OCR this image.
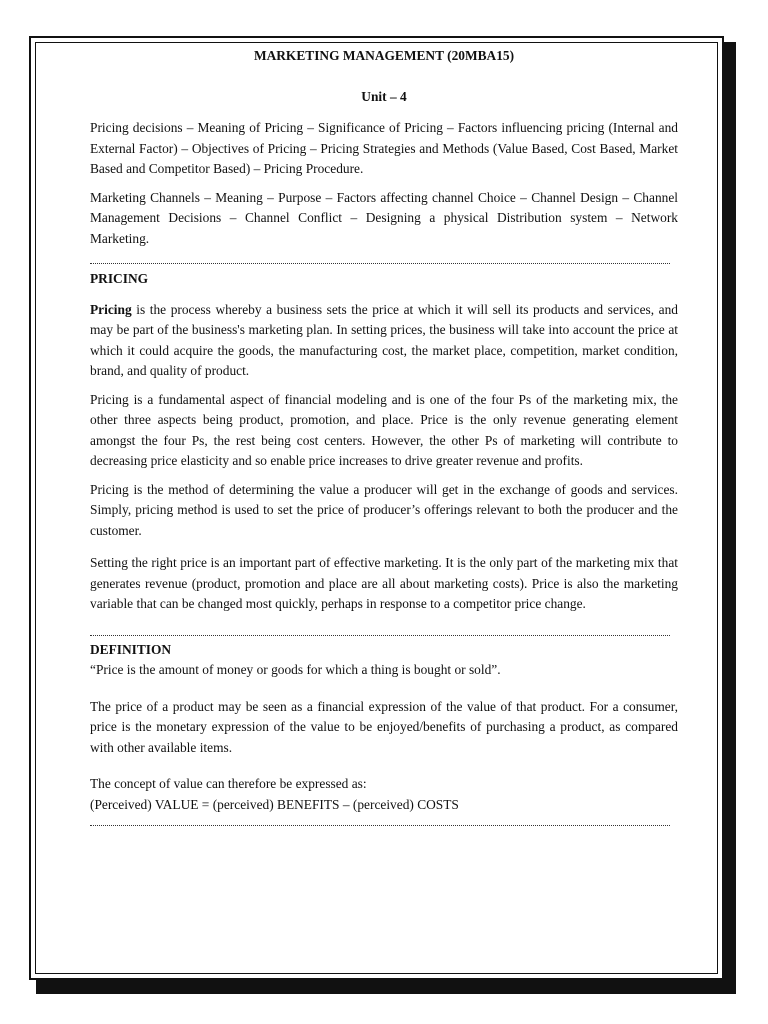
MARKETING MANAGEMENT (20MBA15)
Unit – 4

Pricing decisions – Meaning of Pricing – Significance of Pricing – Factors influencing pricing (Internal and External Factor) – Objectives of Pricing – Pricing Strategies and Methods (Value Based, Cost Based, Market Based and Competitor Based) – Pricing Procedure.

Marketing Channels – Meaning – Purpose – Factors affecting channel Choice – Channel Design – Channel Management Decisions – Channel Conflict – Designing a physical Distribution system – Network Marketing.

PRICING

Pricing is the process whereby a business sets the price at which it will sell its products and services, and may be part of the business's marketing plan. In setting prices, the business will take into account the price at which it could acquire the goods, the manufacturing cost, the market place, competition, market condition, brand, and quality of product.

Pricing is a fundamental aspect of financial modeling and is one of the four Ps of the marketing mix, the other three aspects being product, promotion, and place. Price is the only revenue generating element amongst the four Ps, the rest being cost centers. However, the other Ps of marketing will contribute to decreasing price elasticity and so enable price increases to drive greater revenue and profits.

Pricing is the method of determining the value a producer will get in the exchange of goods and services. Simply, pricing method is used to set the price of producer’s offerings relevant to both the producer and the customer.

Setting the right price is an important part of effective marketing. It is the only part of the marketing mix that generates revenue (product, promotion and place are all about marketing costs). Price is also the marketing variable that can be changed most quickly, perhaps in response to a competitor price change.

DEFINITION
“Price is the amount of money or goods for which a thing is bought or sold”.

The price of a product may be seen as a financial expression of the value of that product. For a consumer, price is the monetary expression of the value to be enjoyed/benefits of purchasing a product, as compared with other available items.

The concept of value can therefore be expressed as:
(Perceived) VALUE = (perceived) BENEFITS – (perceived) COSTS
